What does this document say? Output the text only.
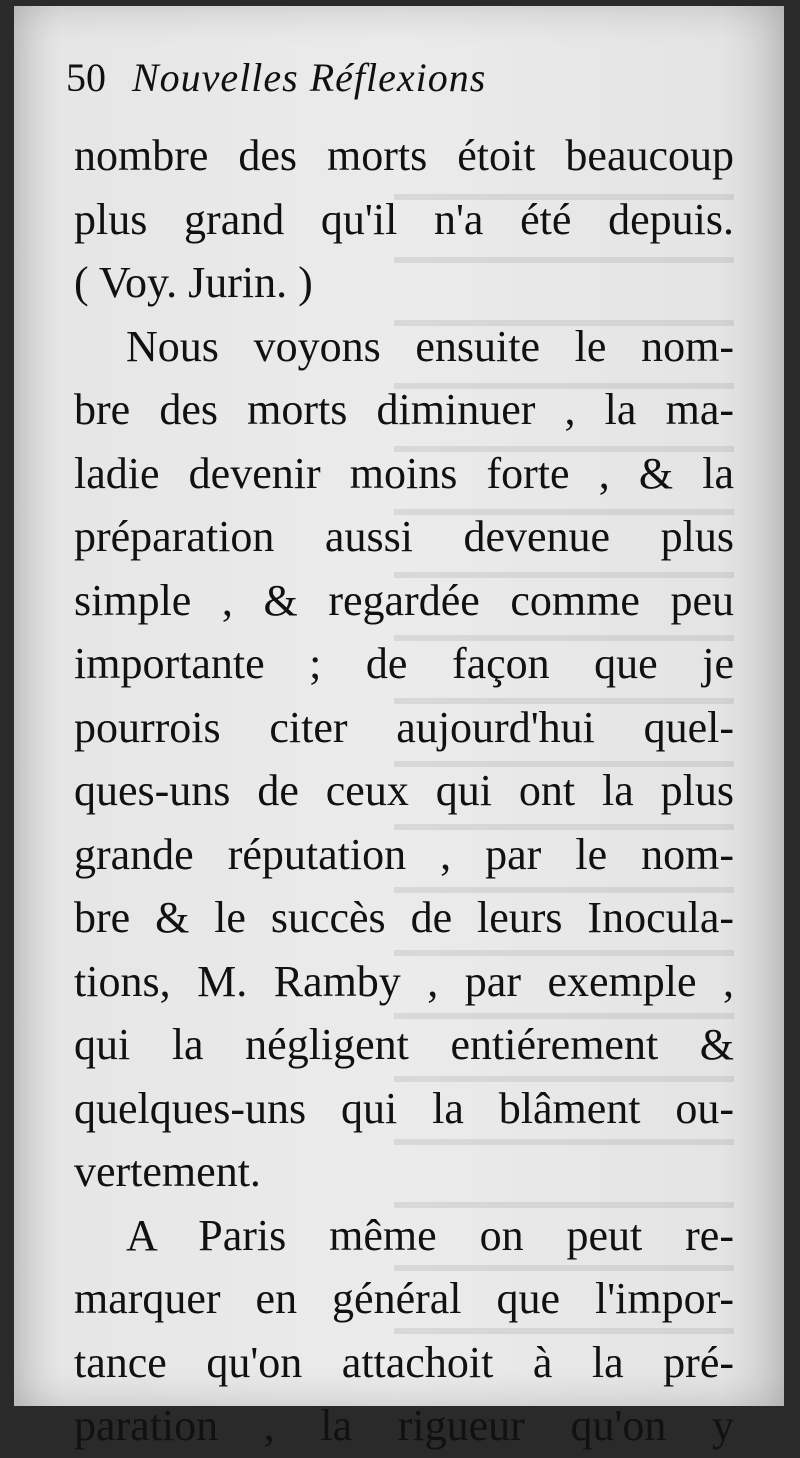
50 Nouvelles Réflexions
nombre des morts étoit beaucoup
plus grand qu'il n'a été depuis.
( Voy. Jurin. )
Nous voyons ensuite le nom-
bre des morts diminuer , la ma-
ladie devenir moins forte , & la
préparation aussi devenue plus
simple , & regardée comme peu
importante ; de façon que je
pourrois citer aujourd'hui quel-
ques-uns de ceux qui ont la plus
grande réputation , par le nom-
bre & le succès de leurs Inocula-
tions, M. Ramby , par exemple ,
qui la négligent entiérement &
quelques-uns qui la blâment ou-
vertement.
A Paris même on peut re-
marquer en général que l'impor-
tance qu'on attachoit à la pré-
paration , la rigueur qu'on y
